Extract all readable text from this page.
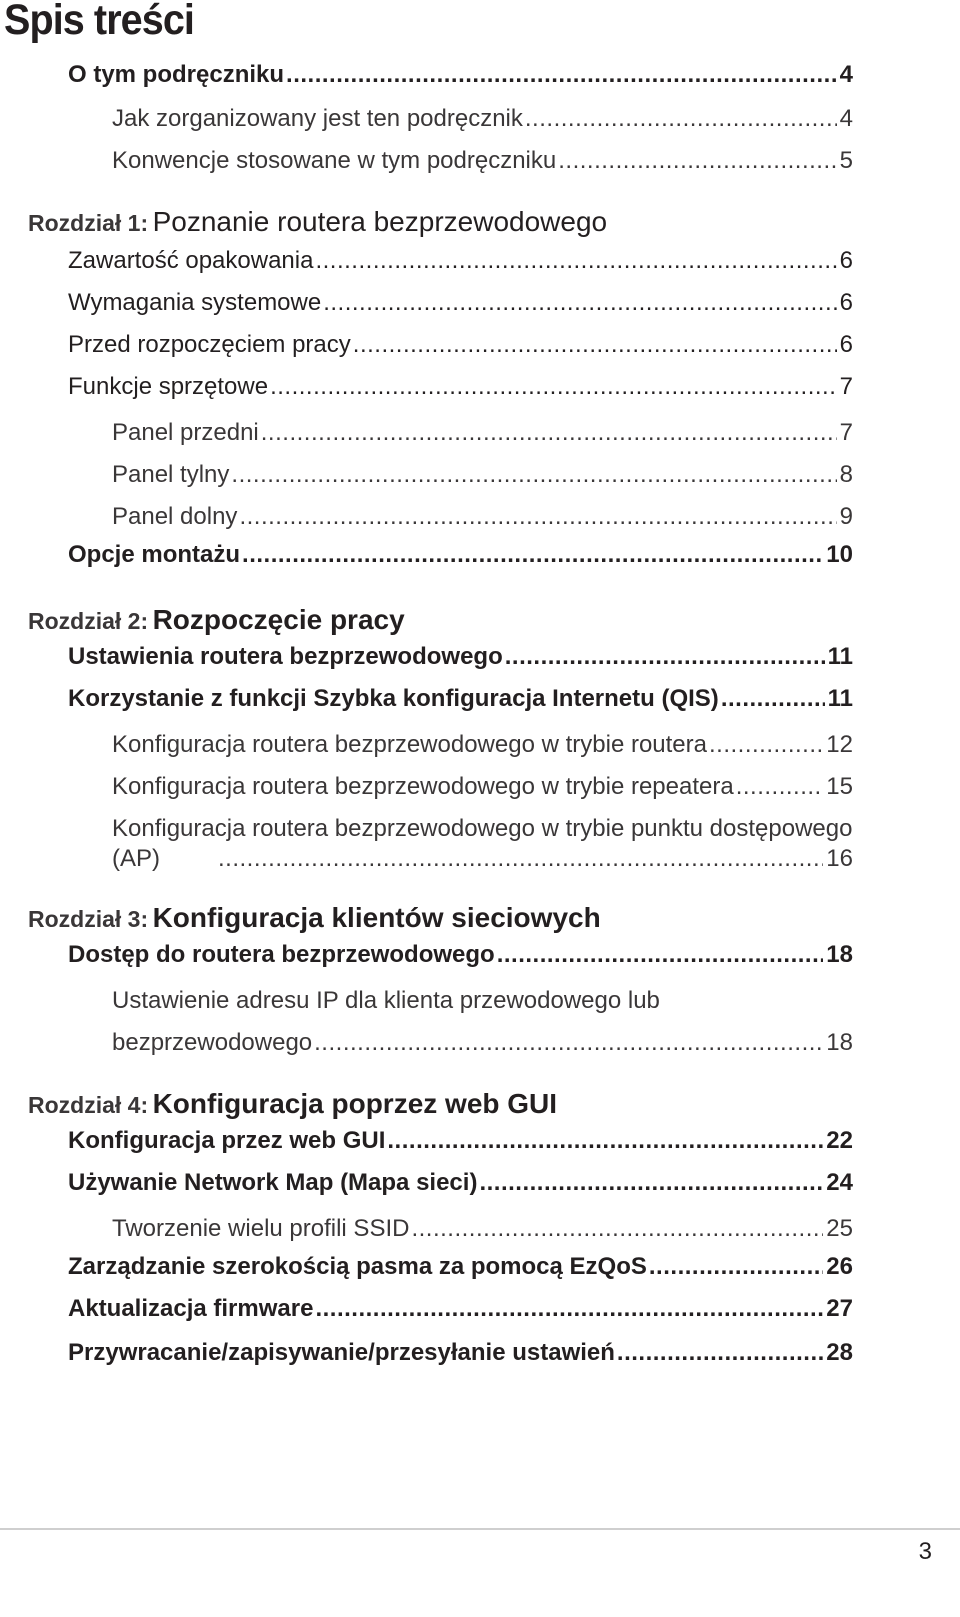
Spis treści
O tym podręczniku .....	4
Jak zorganizowany jest ten podręcznik .....	4
Konwencje stosowane w tym podręczniku .....	5
Rozdział 1: Poznanie routera bezprzewodowego
Zawartość opakowania .....	6
Wymagania systemowe .....	6
Przed rozpoczęciem pracy .....	6
Funkcje sprzętowe .....	7
Panel przedni .....	7
Panel tylny .....	8
Panel dolny .....	9
Opcje montażu .....	10
Rozdział 2: Rozpoczęcie pracy
Ustawienia routera bezprzewodowego .....	11
Korzystanie z funkcji Szybka konfiguracja Internetu (QIS) .....	11
Konfiguracja routera bezprzewodowego w trybie routera .....	12
Konfiguracja routera bezprzewodowego w trybie repeatera .....	15
Konfiguracja routera bezprzewodowego w trybie punktu dostępowego
(AP) .....	16
Rozdział 3: Konfiguracja klientów sieciowych
Dostęp do routera bezprzewodowego .....	18
Ustawienie adresu IP dla klienta przewodowego lub
bezprzewodowego .....	18
Rozdział 4: Konfiguracja poprzez web GUI
Konfiguracja przez web GUI .....	22
Używanie Network Map (Mapa sieci) .....	24
Tworzenie wielu profili SSID .....	25
Zarządzanie szerokością pasma za pomocą EzQoS .....	26
Aktualizacja firmware .....	27
Przywracanie/zapisywanie/przesyłanie ustawień .....	28
3
